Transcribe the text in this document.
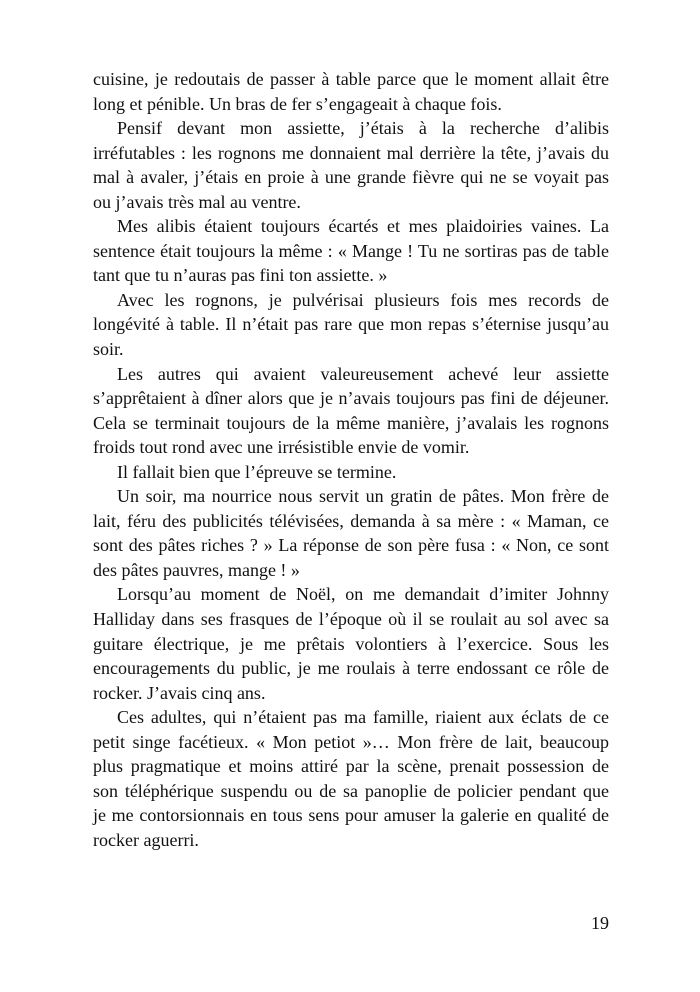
cuisine, je redoutais de passer à table parce que le moment allait être
long et pénible. Un bras de fer s’engageait à chaque fois.
Pensif devant mon assiette, j’étais à la recherche d’alibis
irréfutables : les rognons me donnaient mal derrière la tête, j’avais du
mal à avaler, j’étais en proie à une grande fièvre qui ne se voyait pas
ou j’avais très mal au ventre.
Mes alibis étaient toujours écartés et mes plaidoiries vaines. La
sentence était toujours la même : « Mange ! Tu ne sortiras pas de table
tant que tu n’auras pas fini ton assiette. »
Avec les rognons, je pulvérisai plusieurs fois mes records de
longévité à table. Il n’était pas rare que mon repas s’éternise jusqu’au
soir.
Les autres qui avaient valeureusement achevé leur assiette
s’apprêtaient à dîner alors que je n’avais toujours pas fini de déjeuner.
Cela se terminait toujours de la même manière, j’avalais les rognons
froids tout rond avec une irrésistible envie de vomir.
Il fallait bien que l’épreuve se termine.
Un soir, ma nourrice nous servit un gratin de pâtes. Mon frère de
lait, féru des publicités télévisées, demanda à sa mère : « Maman, ce
sont des pâtes riches ? » La réponse de son père fusa : « Non, ce sont
des pâtes pauvres, mange ! »
Lorsqu’au moment de Noël, on me demandait d’imiter Johnny
Halliday dans ses frasques de l’époque où il se roulait au sol avec sa
guitare électrique, je me prêtais volontiers à l’exercice. Sous les
encouragements du public, je me roulais à terre endossant ce rôle de
rocker. J’avais cinq ans.
Ces adultes, qui n’étaient pas ma famille, riaient aux éclats de ce
petit singe facétieux. « Mon petiot »… Mon frère de lait, beaucoup
plus pragmatique et moins attiré par la scène, prenait possession de
son téléphérique suspendu ou de sa panoplie de policier pendant que
je me contorsionnais en tous sens pour amuser la galerie en qualité de
rocker aguerri.
19
